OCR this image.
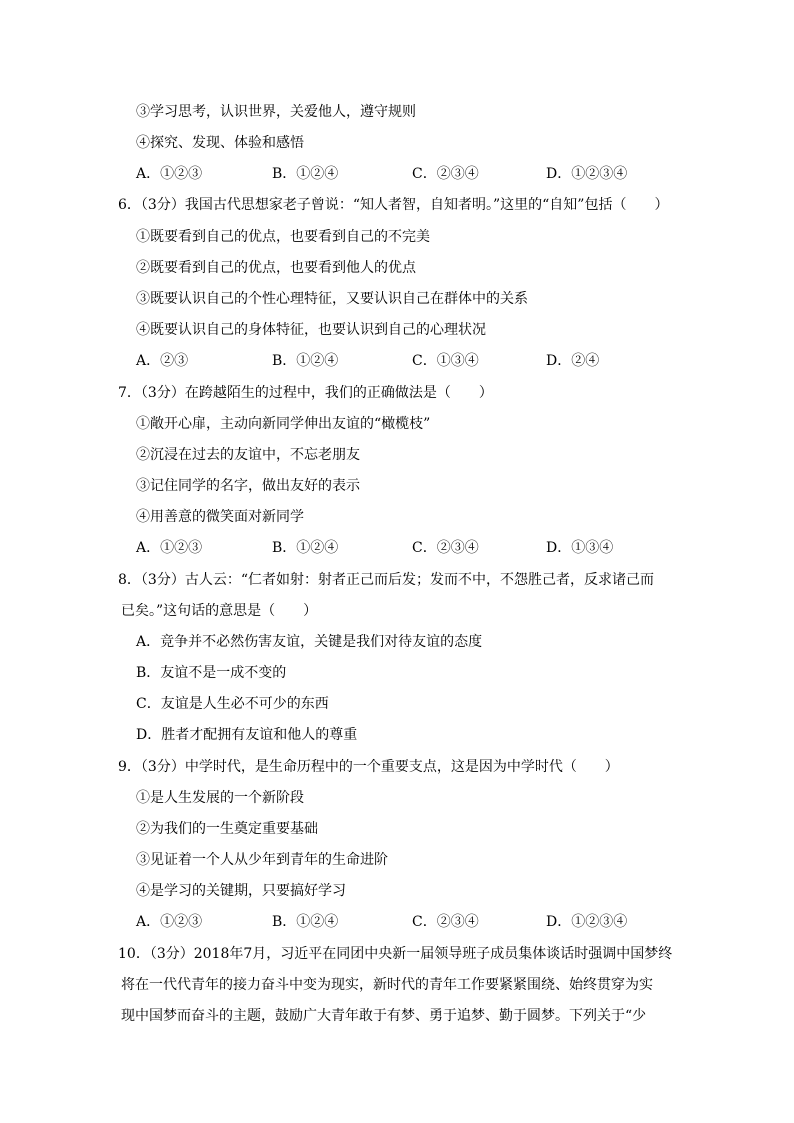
③学习思考，认识世界，关爱他人，遵守规则
④探究、发现、体验和感悟
A．①②③	B．①②④	C．②③④	D．①②③④
6．（3分）我国古代思想家老子曾说：“知人者智，自知者明。”这里的“自知”包括（　　）
①既要看到自己的优点，也要看到自己的不完美
②既要看到自己的优点，也要看到他人的优点
③既要认识自己的个性心理特征，又要认识自己在群体中的关系
④既要认识自己的身体特征，也要认识到自己的心理状况
A．②③	B．①②④	C．①③④	D．②④
7．（3分）在跨越陌生的过程中，我们的正确做法是（　　）
①敞开心扉，主动向新同学伸出友谊的“橄榄枝”
②沉浸在过去的友谊中，不忘老朋友
③记住同学的名字，做出友好的表示
④用善意的微笑面对新同学
A．①②③	B．①②④	C．②③④	D．①③④
8．（3分）古人云：“仁者如射：射者正己而后发；发而不中，不怨胜己者，反求诸己而
已矣。”这句话的意思是（　　）
A．竞争并不必然伤害友谊，关键是我们对待友谊的态度
B．友谊不是一成不变的
C．友谊是人生必不可少的东西
D．胜者才配拥有友谊和他人的尊重
9．（3分）中学时代，是生命历程中的一个重要支点，这是因为中学时代（　　）
①是人生发展的一个新阶段
②为我们的一生奠定重要基础
③见证着一个人从少年到青年的生命进阶
④是学习的关键期，只要搞好学习
A．①②③	B．①②④	C．②③④	D．①②③④
10．（3分）2018年7月，习近平在同团中央新一届领导班子成员集体谈话时强调中国梦终
将在一代代青年的接力奋斗中变为现实，新时代的青年工作要紧紧围绕、始终贯穿为实
现中国梦而奋斗的主题，鼓励广大青年敢于有梦、勇于追梦、勤于圆梦。下列关于“少
